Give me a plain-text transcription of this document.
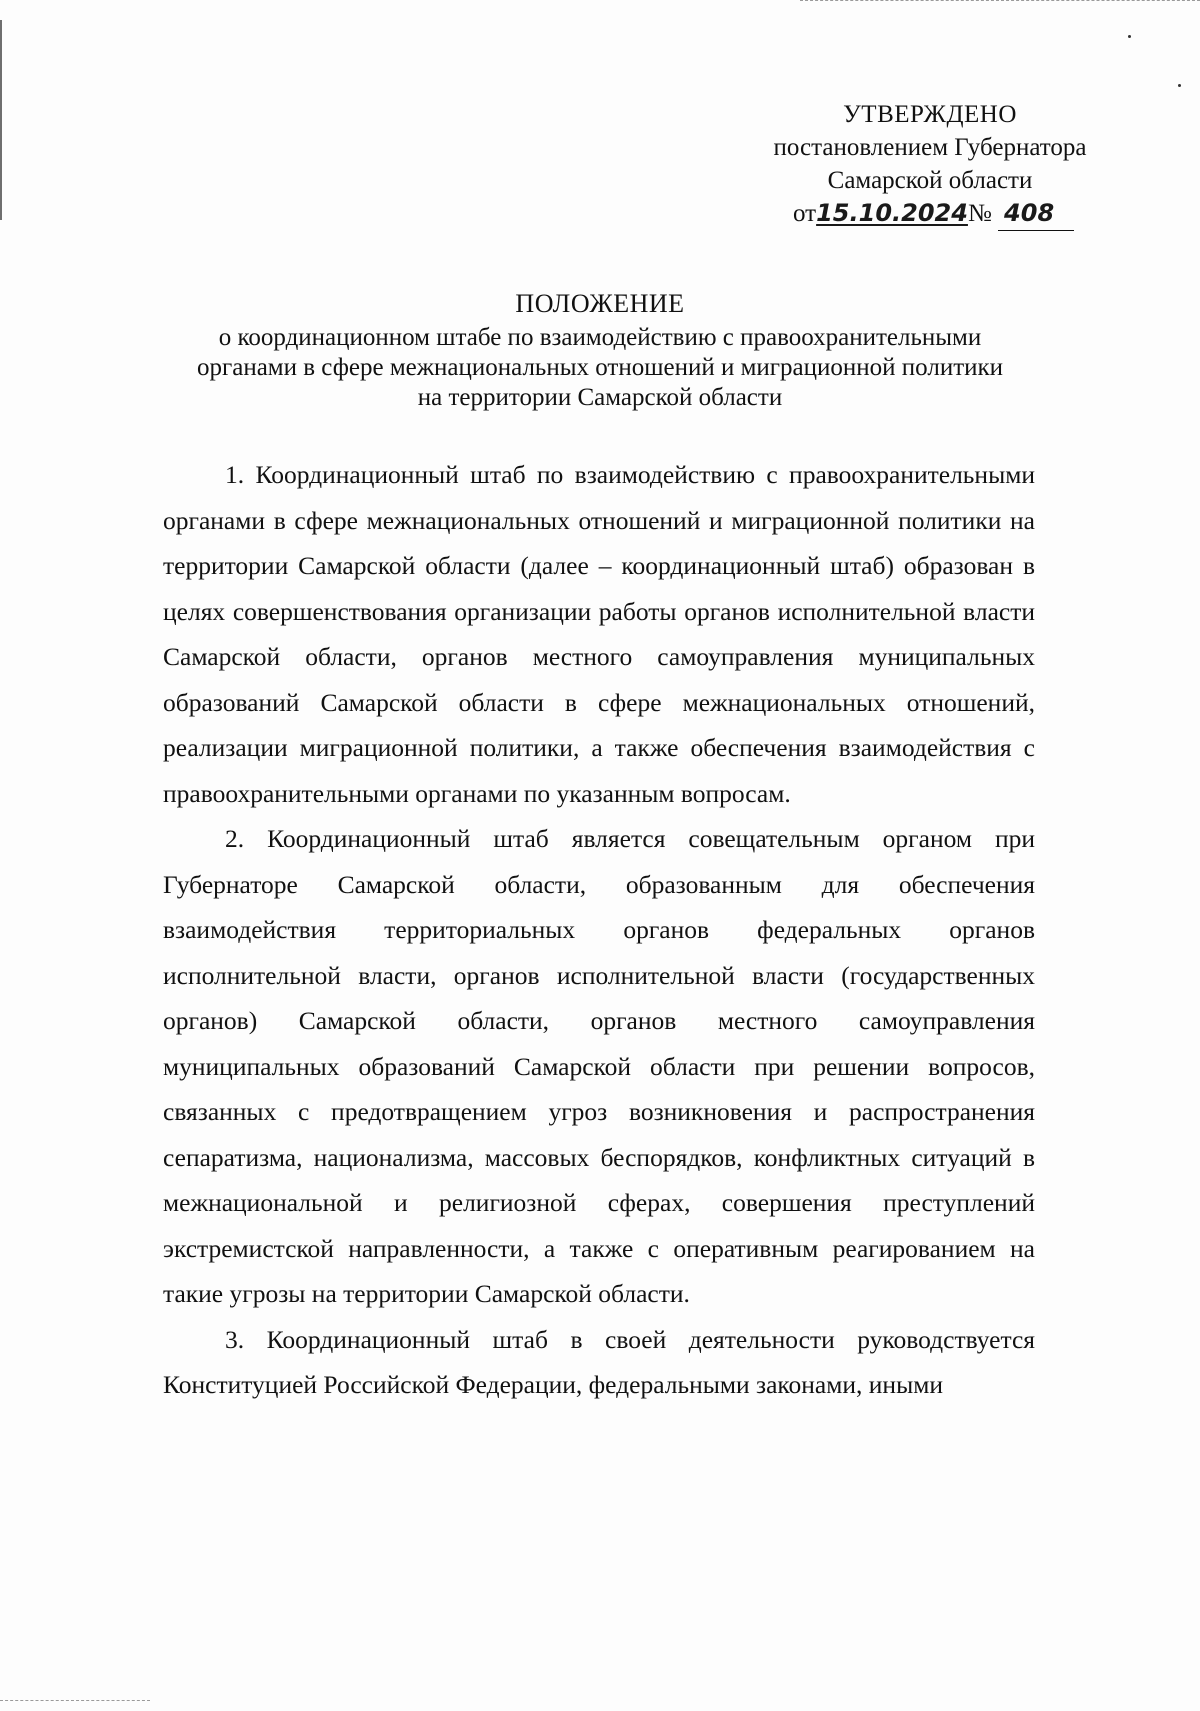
УТВЕРЖДЕНО
постановлением Губернатора
Самарской области
от15.10.2024№ 408
ПОЛОЖЕНИЕ
о координационном штабе по взаимодействию с правоохранительными
органами в сфере межнациональных отношений и миграционной политики
на территории Самарской области

1. Координационный штаб по взаимодействию с правоохранительными органами в сфере межнациональных отношений и миграционной политики на территории Самарской области (далее – координационный штаб) образован в целях совершенствования организации работы органов исполнительной власти Самарской области, органов местного самоуправления муниципальных образований Самарской области в сфере межнациональных отношений, реализации миграционной политики, а также обеспечения взаимодействия с правоохранительными органами по указанным вопросам.

2. Координационный штаб является совещательным органом при Губернаторе Самарской области, образованным для обеспечения взаимодействия территориальных органов федеральных органов исполнительной власти, органов исполнительной власти (государственных органов) Самарской области, органов местного самоуправления муниципальных образований Самарской области при решении вопросов, связанных с предотвращением угроз возникновения и распространения сепаратизма, национализма, массовых беспорядков, конфликтных ситуаций в межнациональной и религиозной сферах, совершения преступлений экстремистской направленности, а также с оперативным реагированием на такие угрозы на территории Самарской области.

3. Координационный штаб в своей деятельности руководствуется Конституцией Российской Федерации, федеральными законами, иными
